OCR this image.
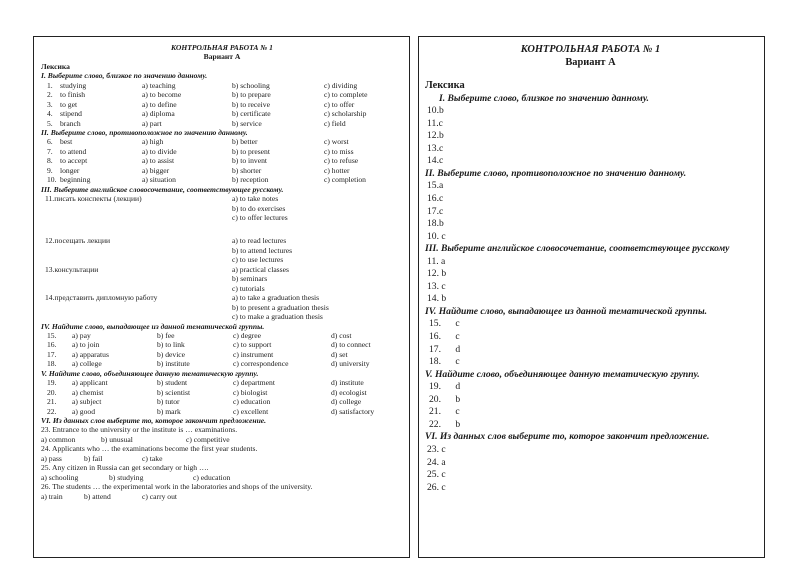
КОНТРОЛЬНАЯ РАБОТА № 1
Вариант А
Лексика
I. Выберите слово, близкое по значению данному.
1. studying	a) teaching	b) schooling	c) dividing
2. to finish	a) to become	b) to prepare	c) to complete
3. to get	a) to define	b) to receive	c) to offer
4. stipend	a) diploma	b) certificate	c) scholarship
5. branch	a) part	b) service	c) field
II. Выберите слово, противоположное по значению данному.
6. best	a) high	b) better	c) worst
7. to attend	a) to divide	b) to present	c) to miss
8. to accept	a) to assist	b) to invent	c) to refuse
9. longer	a) bigger	b) shorter	c) hotter
10. beginning	a) situation	b) reception	c) completion
III. Выберите английское словосочетание, соответствующее русскому.
11.писать конспекты (лекции)	a) to take notes
b) to do exercises
c) to offer lectures
12.посещать лекции	a) to read lectures
b) to attend lectures
c) to use lectures
13.консультации	a) practical classes
b) seminars
c) tutorials
14.представить дипломную работу	a) to take a graduation thesis
b) to present a graduation thesis
c) to make a graduation thesis
IV. Найдите слово, выпадающее из данной тематической группы.
15. a) pay	b) fee	c) degree	d) cost
16. a) to join	b) to link	c) to support	d) to connect
17. a) apparatus	b) device	c) instrument	d) set
18. a) college	b) institute	c) correspondence	d) university
V. Найдите слово, объединяющее данную тематическую группу.
19. a) applicant	b) student	c) department	d) institute
20. a) chemist	b) scientist	c) biologist	d) ecologist
21. a) subject	b) tutor	c) education	d) college
22. a) good	b) mark	c) excellent	d) satisfactory
VI. Из данных слов выберите то, которое закончит предложение.
23. Entrance to the university or the institute is … examinations.
a) common	b) unusual	c) competitive
24. Applicants who … the examinations become the first year students.
a) pass	b) fail	c) take
25. Any citizen in Russia can get secondary or high ….
a) schooling	b) studying	c) education
26. The students … the experimental work in the laboratories and shops of the university.
a) train	b) attend	c) carry out
КОНТРОЛЬНАЯ РАБОТА № 1
Вариант А
Лексика
I. Выберите слово, близкое по значению данному.
10.b
11.c
12.b
13.c
14.c
II. Выберите слово, противоположное по значению данному.
15.a
16.c
17.c
18.b
10. c
III. Выберите английское словосочетание, соответствующее русскому
11. a
12. b
13. c
14. b
IV. Найдите слово, выпадающее из данной тематической группы.
15.      c
16.      c
17.      d
18.      c
V. Найдите слово, объединяющее данную тематическую группу.
19.      d
20.      b
21.      c
22.      b
VI. Из данных слов выберите то, которое закончит предложение.
23. c
24. a
25. c
26. c
